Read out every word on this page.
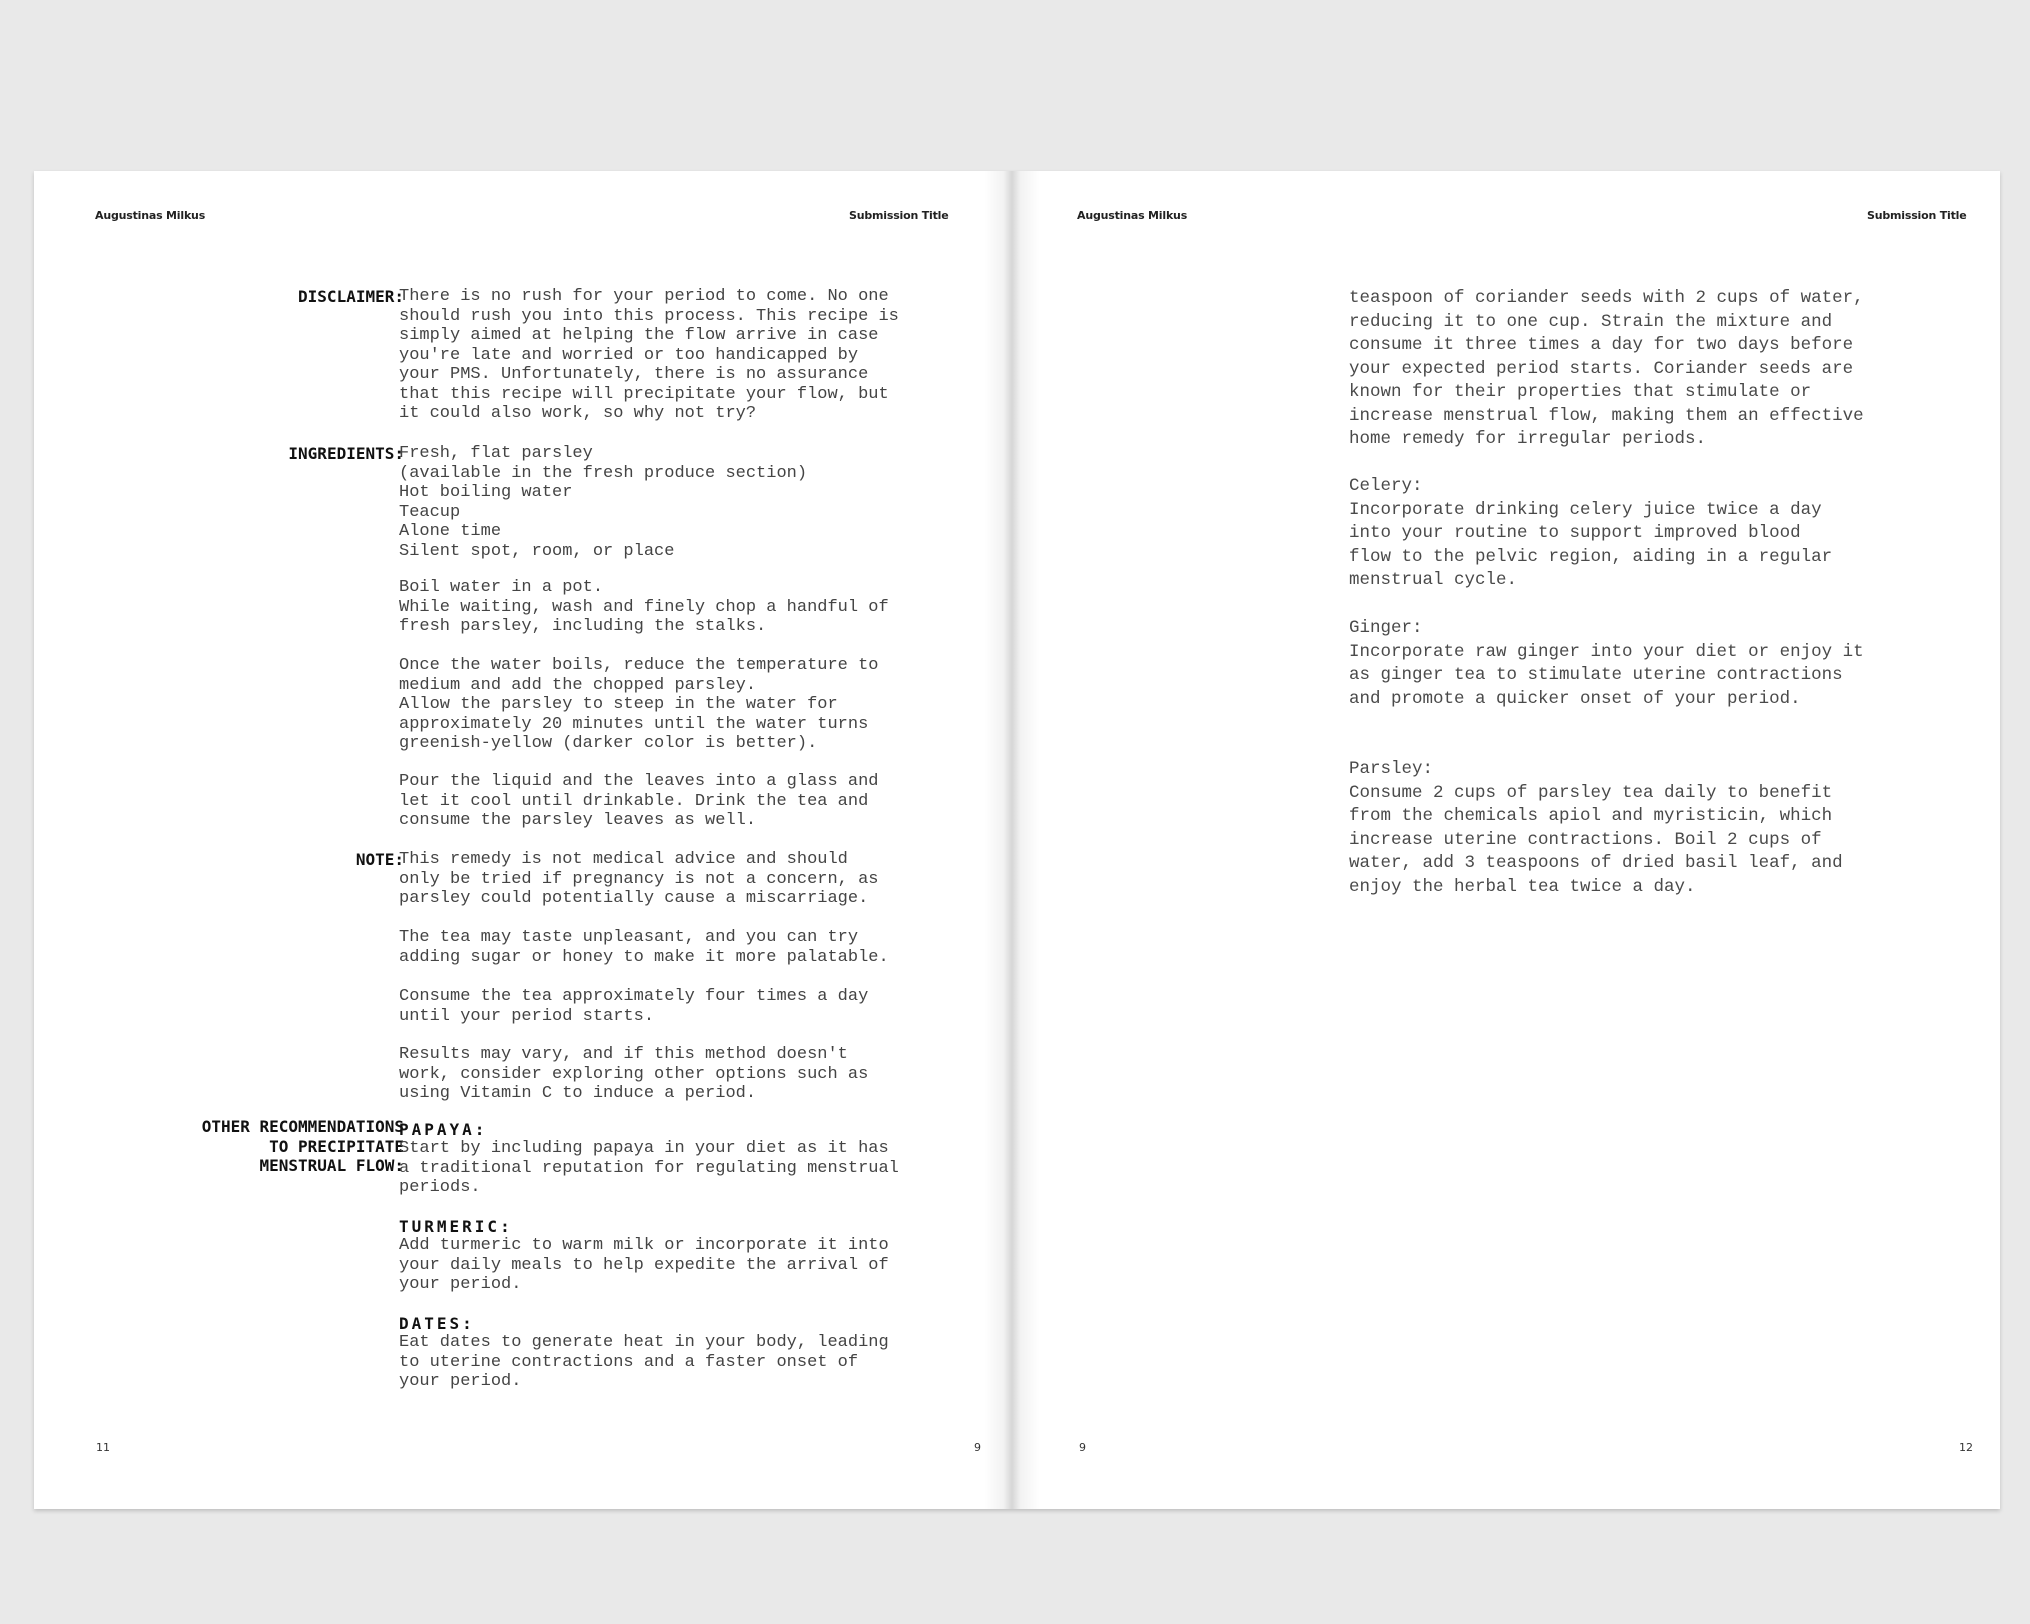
Augustinas Milkus	Submission Title
DISCLAIMER:
There is no rush for your period to come. No one
should rush you into this process. This recipe is
simply aimed at helping the flow arrive in case
you're late and worried or too handicapped by
your PMS. Unfortunately, there is no assurance
that this recipe will precipitate your flow, but
it could also work, so why not try?
INGREDIENTS:
Fresh, flat parsley
(available in the fresh produce section)
Hot boiling water
Teacup
Alone time
Silent spot, room, or place
Boil water in a pot.
While waiting, wash and finely chop a handful of
fresh parsley, including the stalks.
Once the water boils, reduce the temperature to
medium and add the chopped parsley.
Allow the parsley to steep in the water for
approximately 20 minutes until the water turns
greenish-yellow (darker color is better).
Pour the liquid and the leaves into a glass and
let it cool until drinkable. Drink the tea and
consume the parsley leaves as well.
NOTE:
This remedy is not medical advice and should
only be tried if pregnancy is not a concern, as
parsley could potentially cause a miscarriage.
The tea may taste unpleasant, and you can try
adding sugar or honey to make it more palatable.
Consume the tea approximately four times a day
until your period starts.
Results may vary, and if this method doesn't
work, consider exploring other options such as
using Vitamin C to induce a period.
OTHER RECOMMENDATIONS
TO PRECIPITATE
MENSTRUAL FLOW:
PAPAYA:
Start by including papaya in your diet as it has
a traditional reputation for regulating menstrual
periods.
TURMERIC:
Add turmeric to warm milk or incorporate it into
your daily meals to help expedite the arrival of
your period.
DATES:
Eat dates to generate heat in your body, leading
to uterine contractions and a faster onset of
your period.
11	9
Augustinas Milkus	Submission Title
teaspoon of coriander seeds with 2 cups of water,
reducing it to one cup. Strain the mixture and
consume it three times a day for two days before
your expected period starts. Coriander seeds are
known for their properties that stimulate or
increase menstrual flow, making them an effective
home remedy for irregular periods.
Celery:
Incorporate drinking celery juice twice a day
into your routine to support improved blood
flow to the pelvic region, aiding in a regular
menstrual cycle.
Ginger:
Incorporate raw ginger into your diet or enjoy it
as ginger tea to stimulate uterine contractions
and promote a quicker onset of your period.
Parsley:
Consume 2 cups of parsley tea daily to benefit
from the chemicals apiol and myristicin, which
increase uterine contractions. Boil 2 cups of
water, add 3 teaspoons of dried basil leaf, and
enjoy the herbal tea twice a day.
9	12
